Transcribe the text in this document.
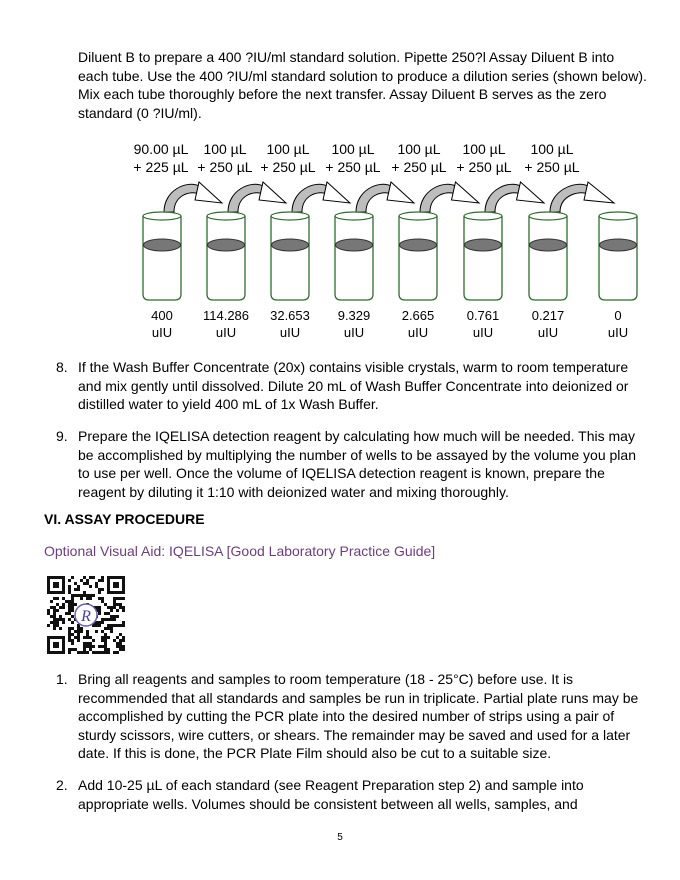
Diluent B to prepare a 400 ?IU/ml standard solution. Pipette 250?l Assay Diluent B into each tube. Use the 400 ?IU/ml standard solution to produce a dilution series (shown below). Mix each tube thoroughly before the next transfer. Assay Diluent B serves as the zero standard (0 ?IU/ml).
90.00 µL
+ 225 µL
100 µL
+ 250 µL
100 µL
+ 250 µL
100 µL
+ 250 µL
100 µL
+ 250 µL
100 µL
+ 250 µL
100 µL
+ 250 µL
400
uIU
114.286
uIU
32.653
uIU
9.329
uIU
2.665
uIU
0.761
uIU
0.217
uIU
0
uIU
8. If the Wash Buffer Concentrate (20x) contains visible crystals, warm to room temperature and mix gently until dissolved. Dilute 20 mL of Wash Buffer Concentrate into deionized or distilled water to yield 400 mL of 1x Wash Buffer.
9. Prepare the IQELISA detection reagent by calculating how much will be needed. This may be accomplished by multiplying the number of wells to be assayed by the volume you plan to use per well. Once the volume of IQELISA detection reagent is known, prepare the reagent by diluting it 1:10 with deionized water and mixing thoroughly.
VI. ASSAY PROCEDURE
Optional Visual Aid: IQELISA [Good Laboratory Practice Guide]
R
1. Bring all reagents and samples to room temperature (18 - 25°C) before use. It is recommended that all standards and samples be run in triplicate. Partial plate runs may be accomplished by cutting the PCR plate into the desired number of strips using a pair of sturdy scissors, wire cutters, or shears. The remainder may be saved and used for a later date. If this is done, the PCR Plate Film should also be cut to a suitable size.
2. Add 10-25 µL of each standard (see Reagent Preparation step 2) and sample into appropriate wells. Volumes should be consistent between all wells, samples, and
5
